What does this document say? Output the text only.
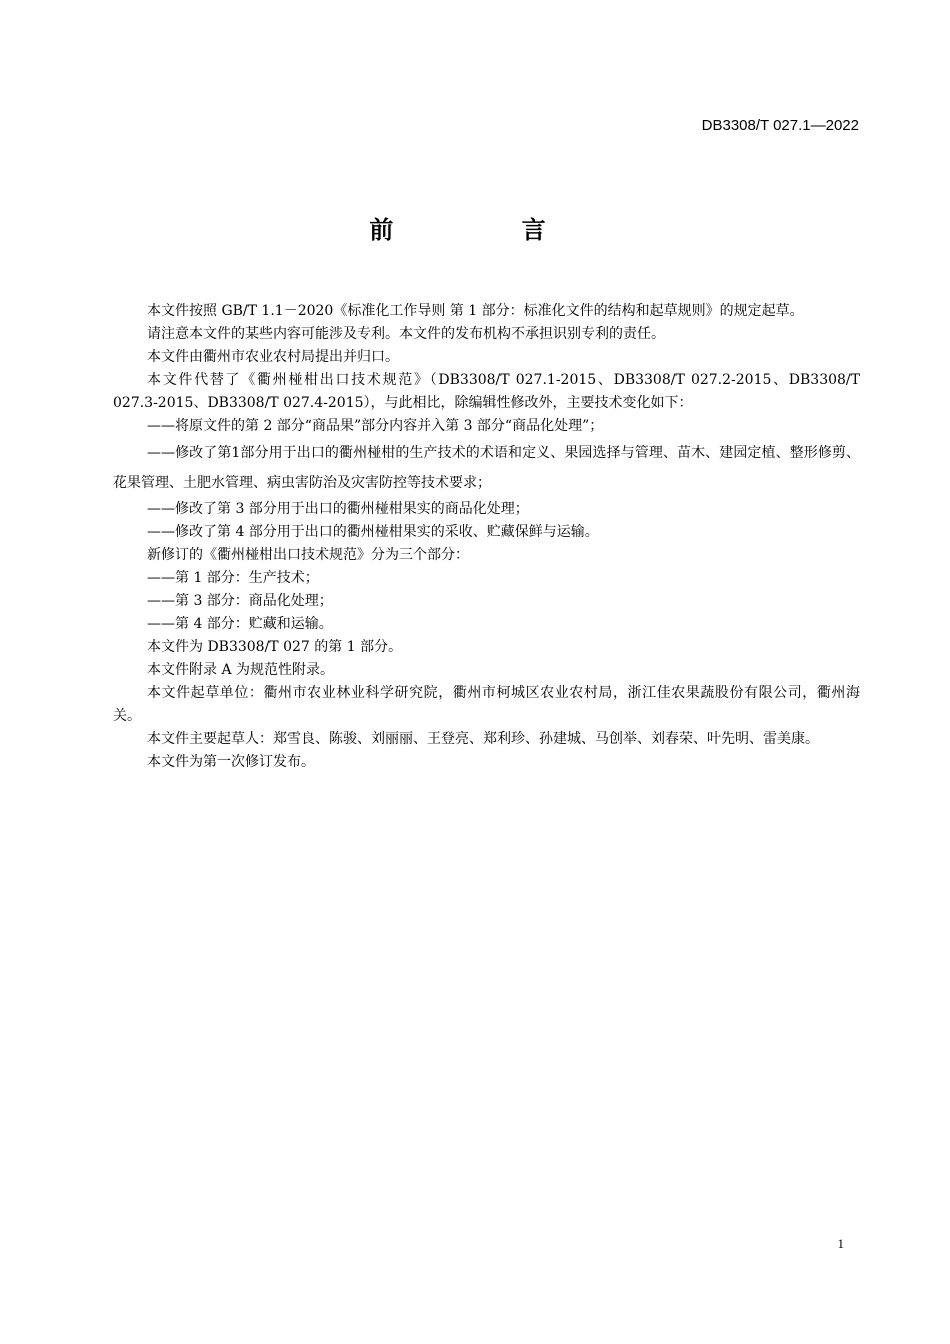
DB3308/T 027.1—2022
前 言

本文件按照 GB/T 1.1－2020《标准化工作导则 第 1 部分：标准化文件的结构和起草规则》的规定起草。

请注意本文件的某些内容可能涉及专利。本文件的发布机构不承担识别专利的责任。

本文件由衢州市农业农村局提出并归口。

本文件代替了《衢州椪柑出口技术规范》（DB3308/T 027.1-2015、DB3308/T 027.2-2015、DB3308/T 027.3-2015、DB3308/T 027.4-2015），与此相比，除编辑性修改外，主要技术变化如下：

——将原文件的第 2 部分“商品果”部分内容并入第 3 部分“商品化处理”；

——修改了第1部分用于出口的衢州椪柑的生产技术的术语和定义、果园选择与管理、苗木、建园定植、整形修剪、花果管理、土肥水管理、病虫害防治及灾害防控等技术要求；

——修改了第 3 部分用于出口的衢州椪柑果实的商品化处理；

——修改了第 4 部分用于出口的衢州椪柑果实的采收、贮藏保鲜与运输。

新修订的《衢州椪柑出口技术规范》分为三个部分：

——第 1 部分：生产技术；

——第 3 部分：商品化处理；

——第 4 部分：贮藏和运输。

本文件为 DB3308/T 027 的第 1 部分。

本文件附录 A 为规范性附录。

本文件起草单位：衢州市农业林业科学研究院，衢州市柯城区农业农村局，浙江佳农果蔬股份有限公司，衢州海关。

本文件主要起草人：郑雪良、陈骏、刘丽丽、王登亮、郑利珍、孙建城、马创举、刘春荣、叶先明、雷美康。

本文件为第一次修订发布。

1
